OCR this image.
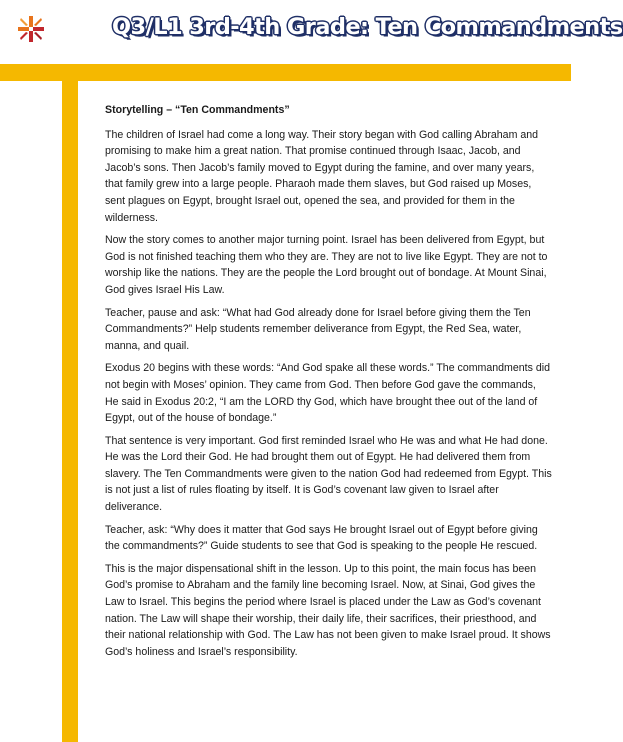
Q3/L1 3rd-4th Grade: Ten Commandments

Storytelling – “Ten Commandments”

The children of Israel had come a long way. Their story began with God calling Abraham and promising to make him a great nation. That promise continued through Isaac, Jacob, and Jacob’s sons. Then Jacob’s family moved to Egypt during the famine, and over many years, that family grew into a large people. Pharaoh made them slaves, but God raised up Moses, sent plagues on Egypt, brought Israel out, opened the sea, and provided for them in the wilderness.

Now the story comes to another major turning point. Israel has been delivered from Egypt, but God is not finished teaching them who they are. They are not to live like Egypt. They are not to worship like the nations. They are the people the Lord brought out of bondage. At Mount Sinai, God gives Israel His Law.

Teacher, pause and ask: “What had God already done for Israel before giving them the Ten Commandments?” Help students remember deliverance from Egypt, the Red Sea, water, manna, and quail.

Exodus 20 begins with these words: “And God spake all these words.” The commandments did not begin with Moses’ opinion. They came from God. Then before God gave the commands, He said in Exodus 20:2, “I am the LORD thy God, which have brought thee out of the land of Egypt, out of the house of bondage.”

That sentence is very important. God first reminded Israel who He was and what He had done. He was the Lord their God. He had brought them out of Egypt. He had delivered them from slavery. The Ten Commandments were given to the nation God had redeemed from Egypt. This is not just a list of rules floating by itself. It is God’s covenant law given to Israel after deliverance.

Teacher, ask: “Why does it matter that God says He brought Israel out of Egypt before giving the commandments?” Guide students to see that God is speaking to the people He rescued.

This is the major dispensational shift in the lesson. Up to this point, the main focus has been God’s promise to Abraham and the family line becoming Israel. Now, at Sinai, God gives the Law to Israel. This begins the period where Israel is placed under the Law as God’s covenant nation. The Law will shape their worship, their daily life, their sacrifices, their priesthood, and their national relationship with God. The Law has not been given to make Israel proud. It shows God’s holiness and Israel’s responsibility.
